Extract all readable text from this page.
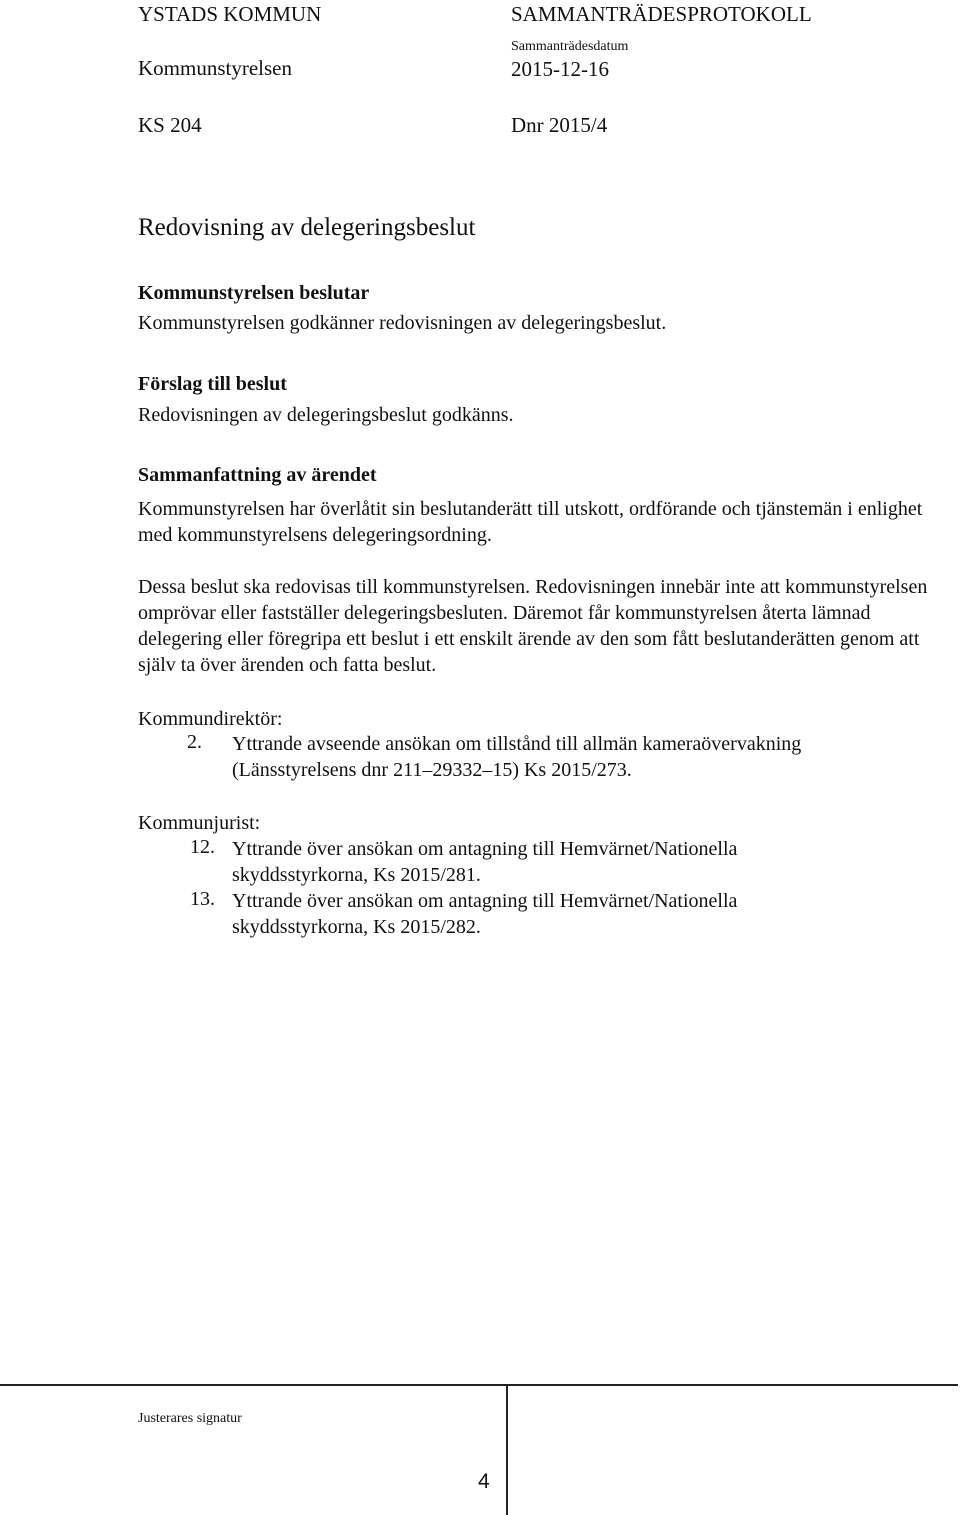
YSTADS KOMMUN	SAMMANTRÄDESPROTOKOLL
Kommunstyrelsen
Sammanträdesdatum
2015-12-16
KS 204	Dnr 2015/4
Redovisning av delegeringsbeslut
Kommunstyrelsen beslutar
Kommunstyrelsen godkänner redovisningen av delegeringsbeslut.
Förslag till beslut
Redovisningen av delegeringsbeslut godkänns.
Sammanfattning av ärendet
Kommunstyrelsen har överlåtit sin beslutanderätt till utskott, ordförande och tjänstemän i enlighet med kommunstyrelsens delegeringsordning.
Dessa beslut ska redovisas till kommunstyrelsen. Redovisningen innebär inte att kommunstyrelsen omprövar eller fastställer delegeringsbesluten. Däremot får kommunstyrelsen återta lämnad delegering eller föregripa ett beslut i ett enskilt ärende av den som fått beslutanderätten genom att själv ta över ärenden och fatta beslut.
Kommundirektör:
2. Yttrande avseende ansökan om tillstånd till allmän kameraövervakning
(Länsstyrelsens dnr 211–29332–15) Ks 2015/273.
Kommunjurist:
12. Yttrande över ansökan om antagning till Hemvärnet/Nationella
skyddsstyrkorna, Ks 2015/281.
13. Yttrande över ansökan om antagning till Hemvärnet/Nationella
skyddsstyrkorna, Ks 2015/282.
Justerares signatur
4
